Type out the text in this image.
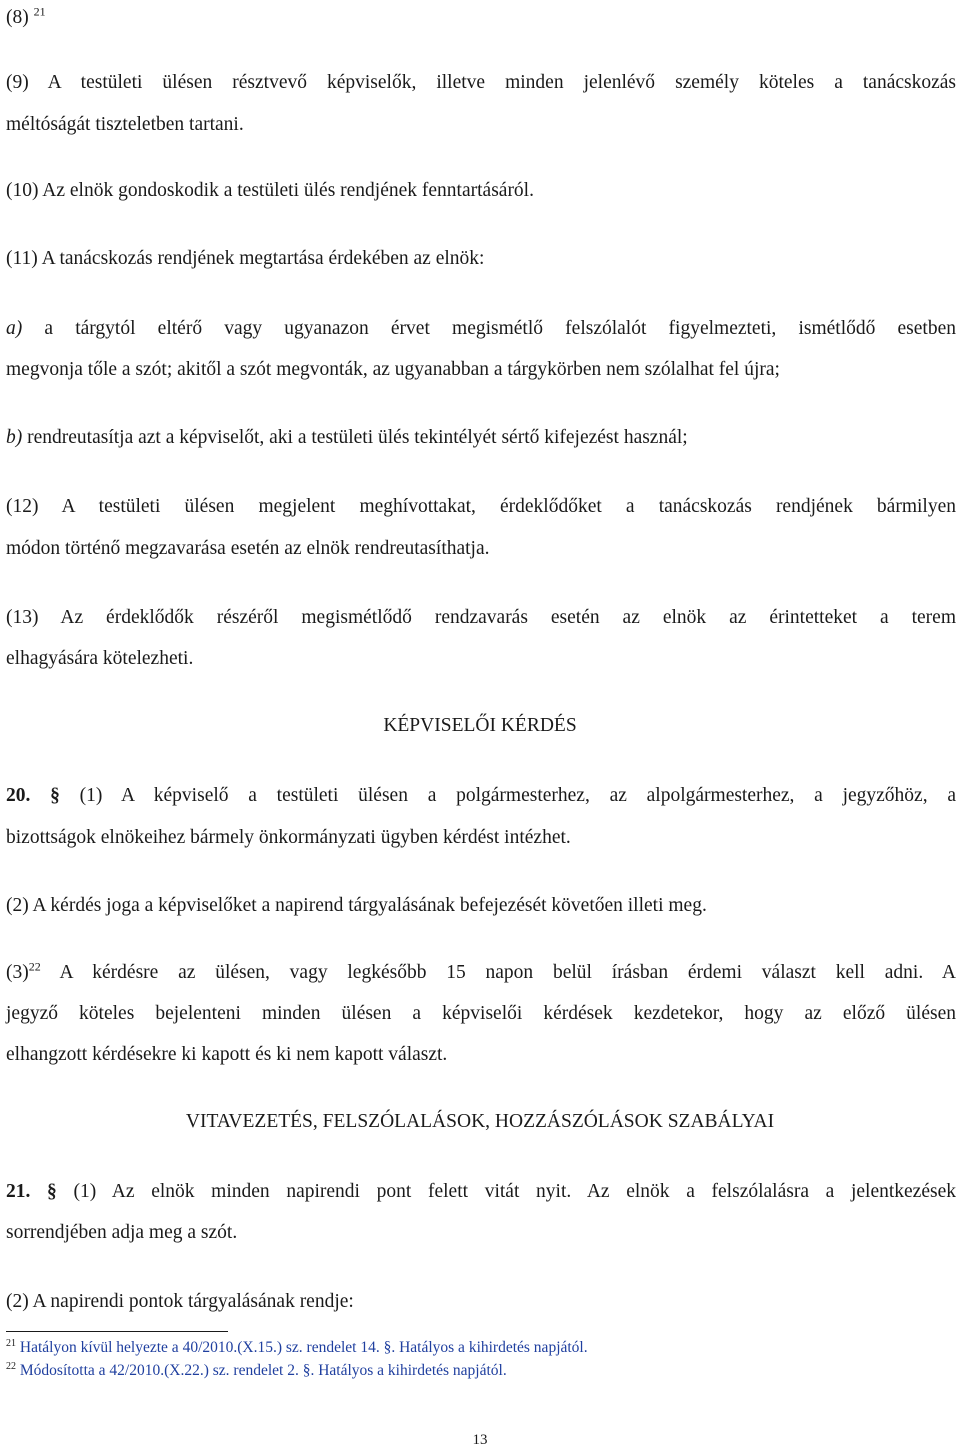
(8) $^{21}$

(9) A testületi ülésen résztvevő képviselők, illetve minden jelenlévő személy köteles a tanácskozás

méltóságát tiszteletben tartani.

(10) Az elnök gondoskodik a testületi ülés rendjének fenntartásáról.

(11) A tanácskozás rendjének megtartása érdekében az elnök:

a) a tárgytól eltérő vagy ugyanazon érvet megismétlő felszólalót figyelmezteti, ismétlődő esetben

megvonja tőle a szót; akitől a szót megvonták, az ugyanabban a tárgykörben nem szólalhat fel újra;

b) rendreutasítja azt a képviselőt, aki a testületi ülés tekintélyét sértő kifejezést használ;

(12) A testületi ülésen megjelent meghívottakat, érdeklődőket a tanácskozás rendjének bármilyen

módon történő megzavarása esetén az elnök rendreutasíthatja.

(13) Az érdeklődők részéről megismétlődő rendzavarás esetén az elnök az érintetteket a terem

elhagyására kötelezheti.

KÉPVISELŐI KÉRDÉS

20. § (1) A képviselő a testületi ülésen a polgármesterhez, az alpolgármesterhez, a jegyzőhöz, a

bizottságok elnökeihez bármely önkormányzati ügyben kérdést intézhet.

(2) A kérdés joga a képviselőket a napirend tárgyalásának befejezését követően illeti meg.

$(3)^{22}$ A kérdésre az ülésen, vagy legkésőbb 15 napon belül írásban érdemi választ kell adni. A

jegyző köteles bejelenteni minden ülésen a képviselői kérdések kezdetekor, hogy az előző ülésen

elhangzott kérdésekre ki kapott és ki nem kapott választ.

VITAVEZETÉS, FELSZÓLALÁSOK, HOZZÁSZÓLÁSOK SZABÁLYAI

21. § (1) Az elnök minden napirendi pont felett vitát nyit. Az elnök a felszólalásra a jelentkezések

sorrendjében adja meg a szót.

(2) A napirendi pontok tárgyalásának rendje:

$^{21}$ Hatályon kívül helyezte a 40/2010.(X.15.) sz. rendelet 14. §. Hatályos a kihirdetés napjától.

$^{22}$ Módosította a 42/2010.(X.22.) sz. rendelet 2. §. Hatályos a kihirdetés napjától.

13
